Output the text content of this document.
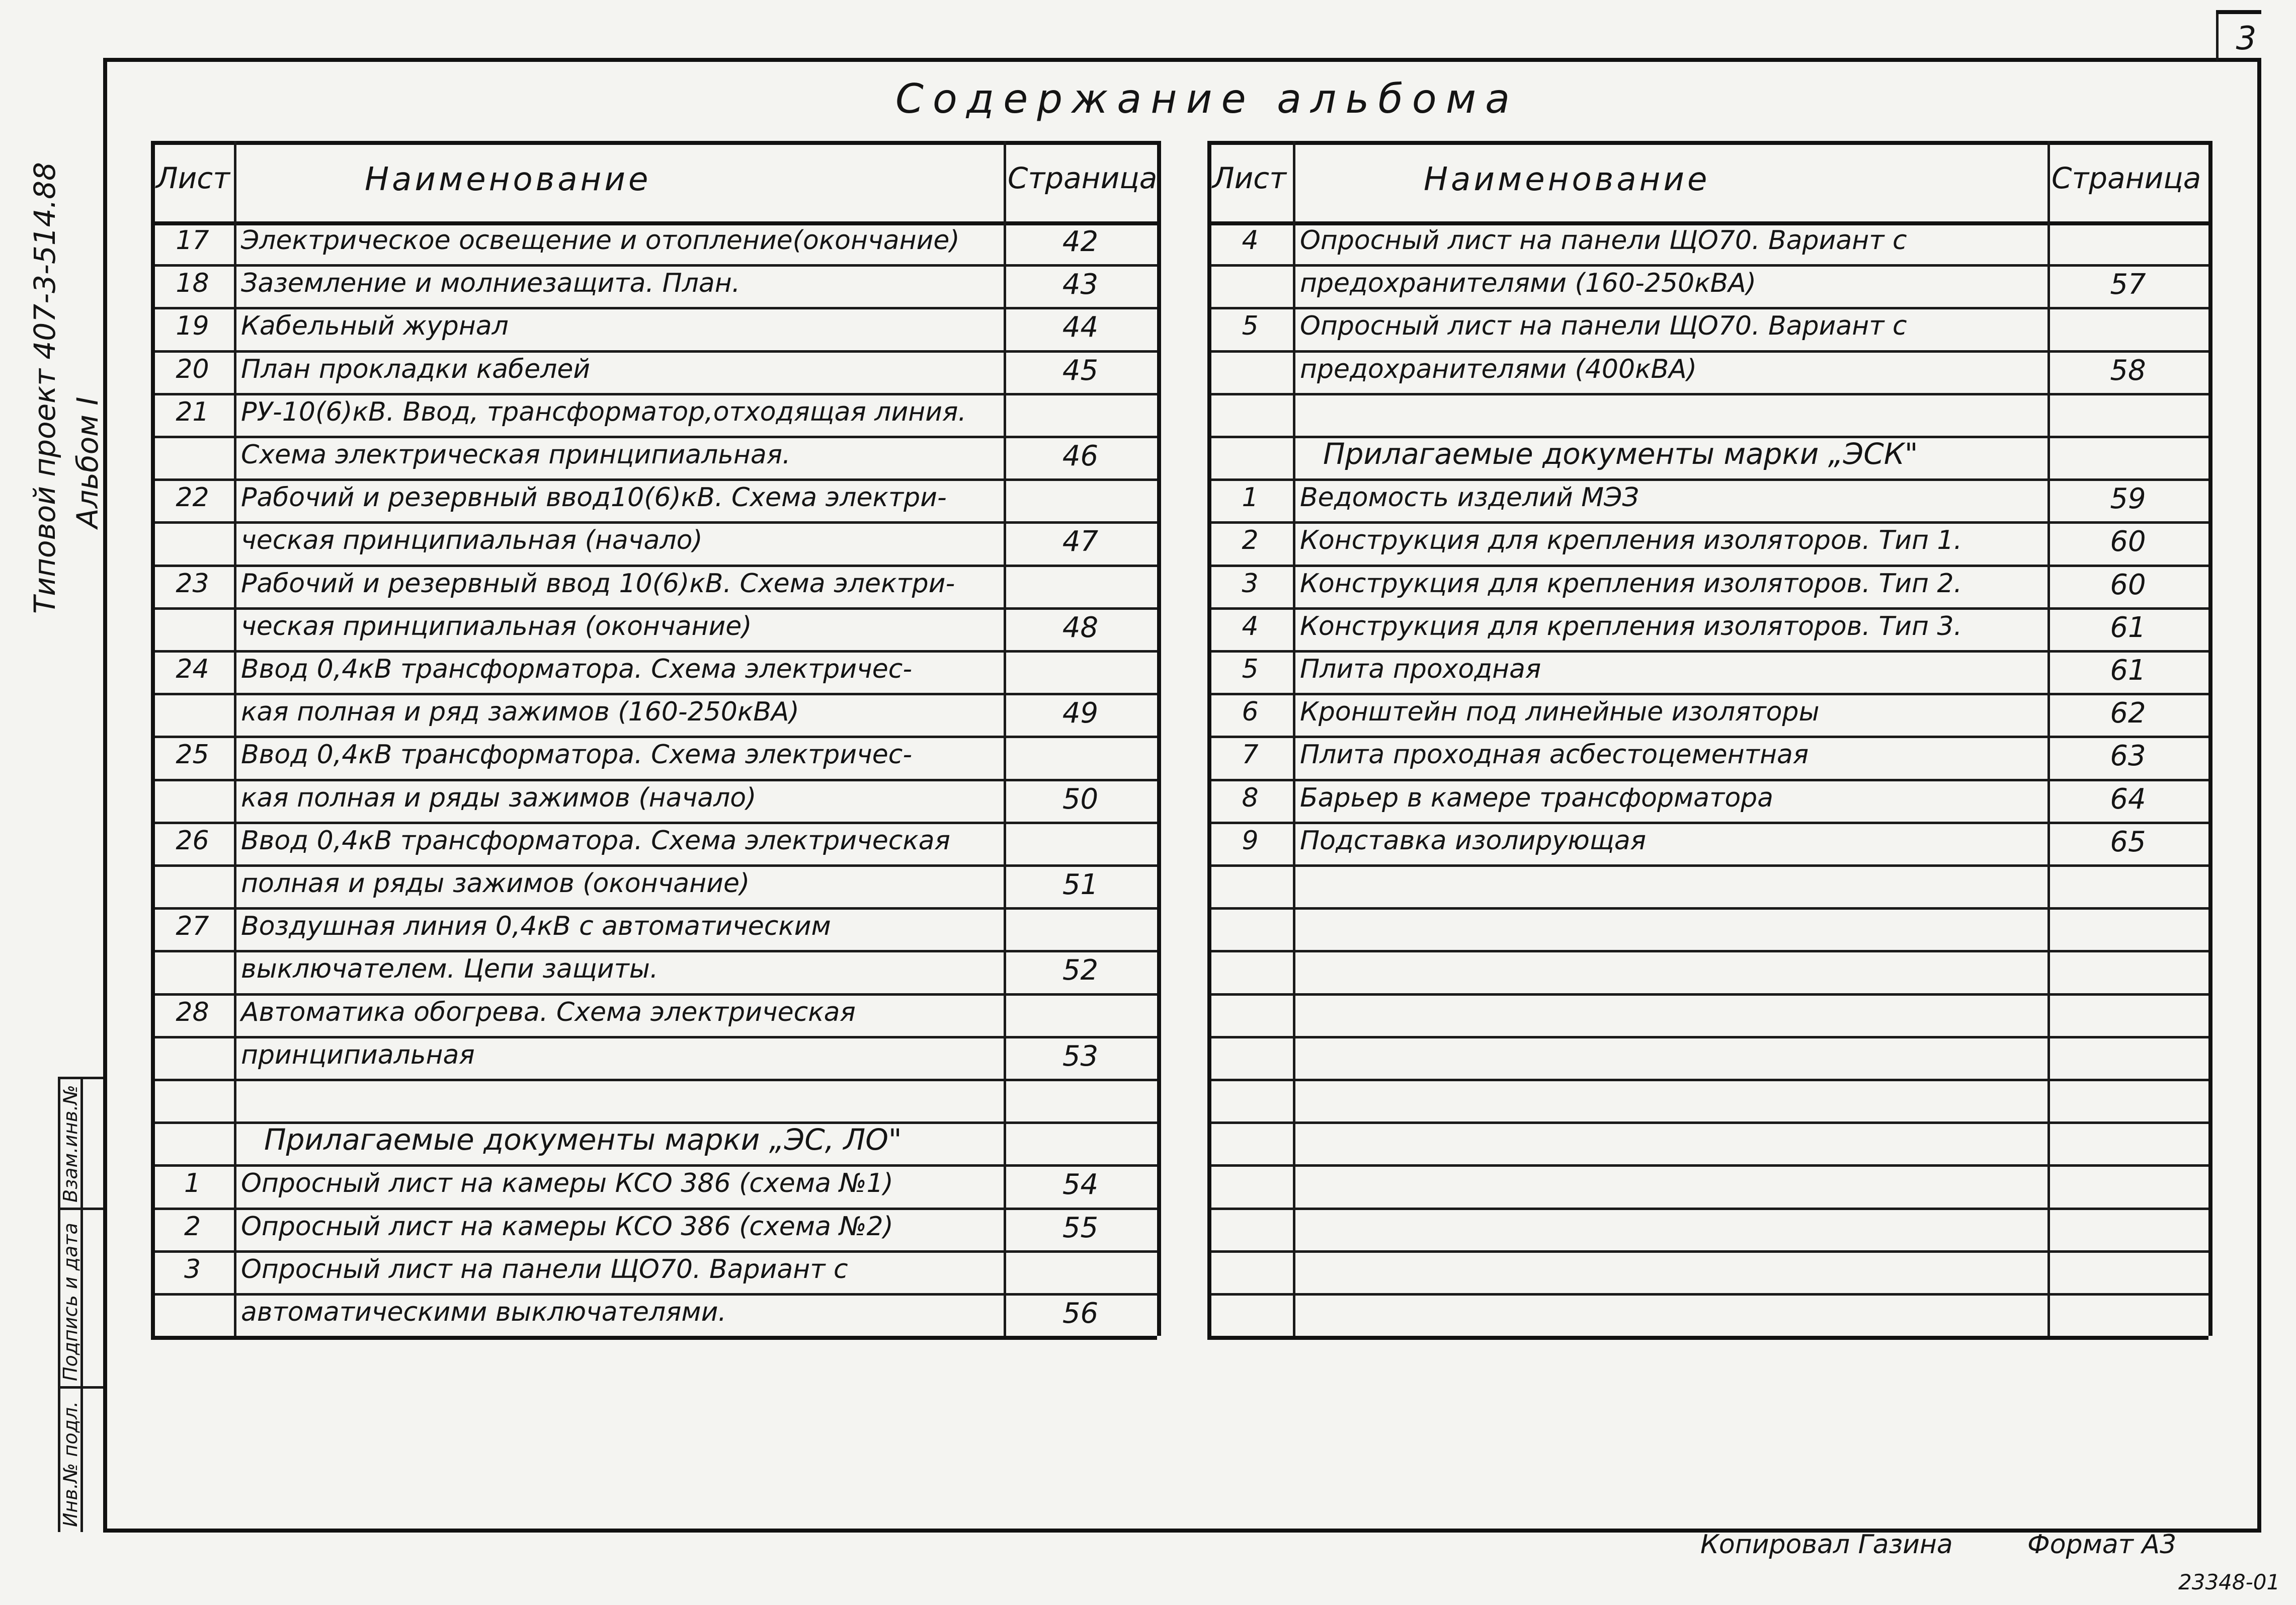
3
Типовой проект 407-3-514.88 Альбом I
Инв.№ подл.
Подпись и дата
Взам.инв.№
Содержание альбома
Копировал Газина	Формат А3
23348-01
Лист	Наименование	Страница
17	Электрическое освещение и отопление(окончание)	42
18	Заземление и молниезащита. План.	43
19	Кабельный журнал	44
20	План прокладки кабелей	45
21	РУ-10(6)кВ. Ввод, трансформатор,отходящая линия.
Схема электрическая принципиальная.	46
22	Рабочий и резервный ввод10(6)кВ. Схема электри-
ческая принципиальная (начало)	47
23	Рабочий и резервный ввод 10(6)кВ. Схема электри-
ческая принципиальная (окончание)	48
24	Ввод 0,4кВ трансформатора. Схема электричес-
кая полная и ряд зажимов (160-250кВА)	49
25	Ввод 0,4кВ трансформатора. Схема электричес-
кая полная и ряды зажимов (начало)	50
26	Ввод 0,4кВ трансформатора. Схема электрическая
полная и ряды зажимов (окончание)	51
27	Воздушная линия 0,4кВ с автоматическим
выключателем. Цепи защиты.	52
28	Автоматика обогрева. Схема электрическая
принципиальная	53
Прилагаемые документы марки „ЭС, ЛО"
1	Опросный лист на камеры КСО 386 (схема №1)	54
2	Опросный лист на камеры КСО 386 (схема №2)	55
3	Опросный лист на панели ЩО70. Вариант с
автоматическими выключателями.	56
Лист	Наименование	Страница
4	Опросный лист на панели ЩО70. Вариант с
предохранителями (160-250кВА)	57
5	Опросный лист на панели ЩО70. Вариант с
предохранителями (400кВА)	58
Прилагаемые документы марки „ЭСК"
1	Ведомость изделий МЭЗ	59
2	Конструкция для крепления изоляторов. Тип 1.	60
3	Конструкция для крепления изоляторов. Тип 2.	60
4	Конструкция для крепления изоляторов. Тип 3.	61
5	Плита проходная	61
6	Кронштейн под линейные изоляторы	62
7	Плита проходная асбестоцементная	63
8	Барьер в камере трансформатора	64
9	Подставка изолирующая	65
